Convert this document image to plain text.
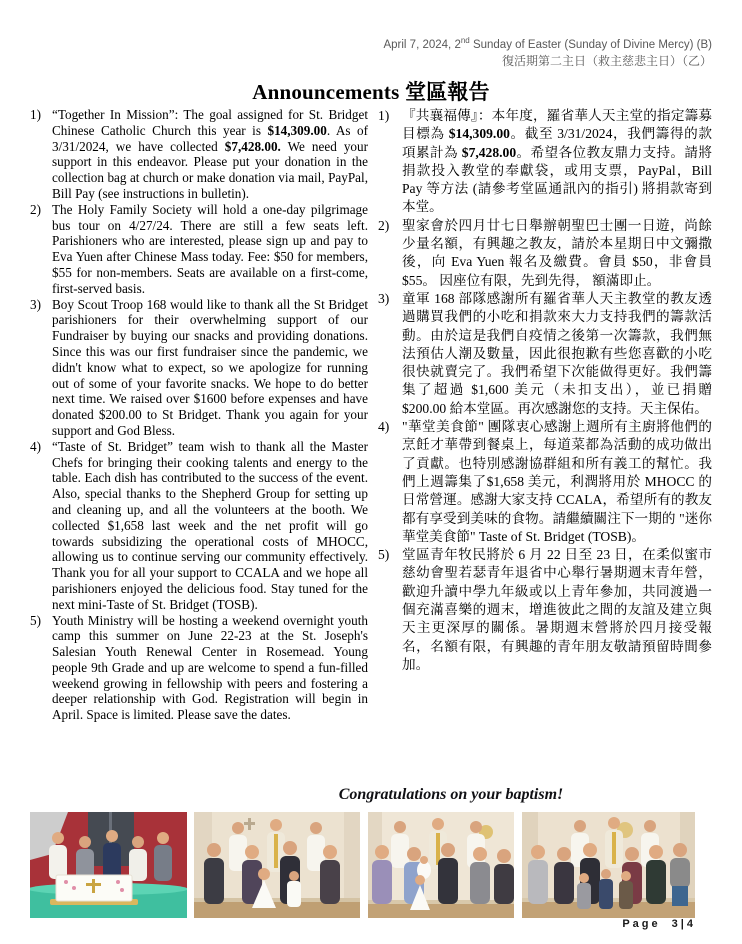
April 7, 2024, 2nd Sunday of Easter (Sunday of Divine Mercy) (B)
復活期第二主日（救主慈悲主日）（乙）
Announcements 堂區報告
1) “Together In Mission”: The goal assigned for St. Bridget Chinese Catholic Church this year is $14,309.00. As of 3/31/2024, we have collected $7,428.00. We need your support in this endeavor. Please put your donation in the collection bag at church or make donation via mail, PayPal, Bill Pay (see instructions in bulletin).
2) The Holy Family Society will hold a one-day pilgrimage bus tour on 4/27/24. There are still a few seats left. Parishioners who are interested, please sign up and pay to Eva Yuen after Chinese Mass today. Fee: $50 for members, $55 for non-members. Seats are available on a first-come, first-served basis.
3) Boy Scout Troop 168 would like to thank all the St Bridget parishioners for their overwhelming support of our Fundraiser by buying our snacks and providing donations. Since this was our first fundraiser since the pandemic, we didn't know what to expect, so we apologize for running out of some of your favorite snacks. We hope to do better next time. We raised over $1600 before expenses and have donated $200.00 to St Bridget. Thank you again for your support and God Bless.
4) “Taste of St. Bridget” team wish to thank all the Master Chefs for bringing their cooking talents and energy to the table. Each dish has contributed to the success of the event. Also, special thanks to the Shepherd Group for setting up and cleaning up, and all the volunteers at the booth. We collected $1,658 last week and the net profit will go towards subsidizing the operational costs of MHOCC, allowing us to continue serving our community effectively. Thank you for all your support to CCALA and we hope all parishioners enjoyed the delicious food. Stay tuned for the next mini-Taste of St. Bridget (TOSB).
5) Youth Ministry will be hosting a weekend overnight youth camp this summer on June 22-23 at the St. Joseph's Salesian Youth Renewal Center in Rosemead. Young people 9th Grade and up are welcome to spend a fun-filled weekend growing in fellowship with peers and fostering a deeper relationship with God. Registration will begin in April. Space is limited. Please save the dates.
1) 『共襄福傳』：本年度，羅省華人天主堂的指定籌募目標為 $14,309.00。截至 3/31/2024，我們籌得的款項累計為 $7,428.00。希望各位教友鼎力支持。請將捐款投入教堂的奉獻袋，或用支票，PayPal，Bill Pay 等方法 (請參考堂區通訊內的指引) 將捐款寄到本堂。
2) 聖家會於四月廿七日舉辦朝聖巴士團一日遊，尚餘少量名額，有興趣之教友，請於本星期日中文彌撒後，向 Eva Yuen 報名及繳費。會員 $50，非會員 $55。 因座位有限，先到先得， 額滿即止。
3) 童軍 168 部隊感謝所有羅省華人天主教堂的教友透過購買我們的小吃和捐款來大力支持我們的籌款活動。由於這是我們自疫情之後第一次籌款，我們無法預估人潮及數量，因此很抱歉有些您喜歡的小吃很快就賣完了。我們希望下次能做得更好。我們籌集了超過 $1,600 美元（未扣支出），並已捐贈 $200.00 給本堂區。再次感謝您的支持。天主保佑。
4) "華堂美食節" 團隊衷心感謝上週所有主廚將他們的烹飪才華帶到餐桌上，每道菜都為活動的成功做出了貢獻。也特別感謝協群組和所有義工的幫忙。我們上週籌集了$1,658 美元，利潤將用於 MHOCC 的日常營運。感謝大家支持 CCALA，希望所有的教友都有享受到美味的食物。請繼續關注下一期的 "迷你華堂美食節" Taste of St. Bridget (TOSB)。
5) 堂區青年牧民將於 6 月 22 日至 23 日，在柔似蜜市慈幼會聖若瑟青年退省中心舉行暑期週末青年營，歡迎升讀中學九年級或以上青年參加，共同渡過一個充滿喜樂的週末，增進彼此之間的友誼及建立與天主更深厚的關係。暑期週末營將於四月接受報名，名額有限，有興趣的青年朋友敬請預留時間參加。
Congratulations on your baptism!
Page 3|4
